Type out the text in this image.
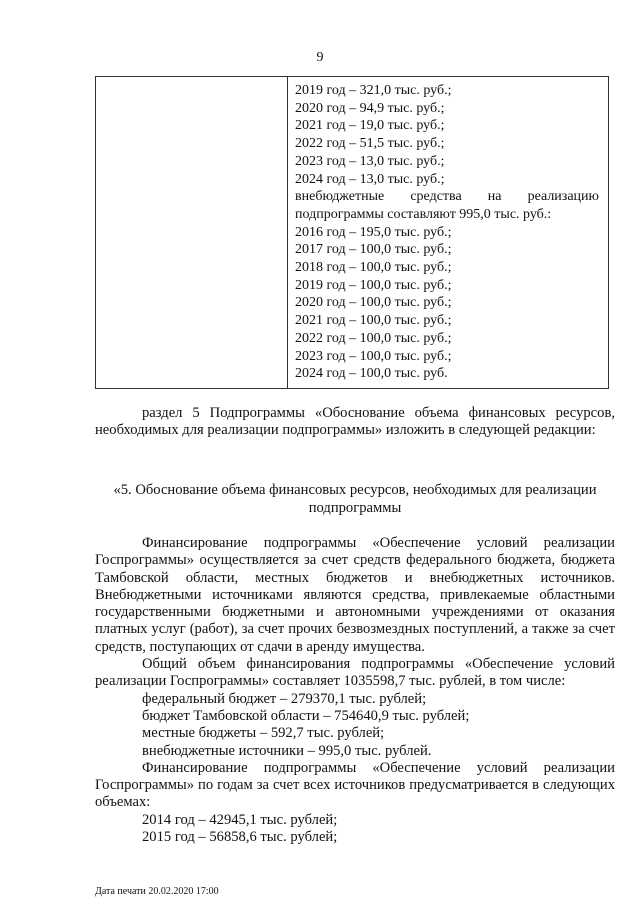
9
2019 год – 321,0 тыс. руб.;
2020 год – 94,9 тыс. руб.;
2021 год – 19,0 тыс. руб.;
2022 год – 51,5 тыс. руб.;
2023 год – 13,0 тыс. руб.;
2024 год – 13,0 тыс. руб.;
внебюджетные средства на реализацию
подпрограммы составляют 995,0 тыс. руб.:
2016 год – 195,0 тыс. руб.;
2017 год – 100,0 тыс. руб.;
2018 год – 100,0 тыс. руб.;
2019 год – 100,0 тыс. руб.;
2020 год – 100,0 тыс. руб.;
2021 год – 100,0 тыс. руб.;
2022 год – 100,0 тыс. руб.;
2023 год – 100,0 тыс. руб.;
2024 год – 100,0 тыс. руб.

раздел 5 Подпрограммы «Обоснование объема финансовых ресурсов, необходимых для реализации подпрограммы» изложить в следующей редакции:

«5. Обоснование объема финансовых ресурсов, необходимых для реализации подпрограммы

Финансирование подпрограммы «Обеспечение условий реализации Госпрограммы» осуществляется за счет средств федерального бюджета, бюджета Тамбовской области, местных бюджетов и внебюджетных источников. Внебюджетными источниками являются средства, привлекаемые областными государственными бюджетными и автономными учреждениями от оказания платных услуг (работ), за счет прочих безвозмездных поступлений, а также за счет средств, поступающих от сдачи в аренду имущества.

Общий объем финансирования подпрограммы «Обеспечение условий реализации Госпрограммы» составляет 1035598,7 тыс. рублей, в том числе:

федеральный бюджет – 279370,1 тыс. рублей;

бюджет Тамбовской области – 754640,9 тыс. рублей;

местные бюджеты – 592,7 тыс. рублей;

внебюджетные источники – 995,0 тыс. рублей.

Финансирование подпрограммы «Обеспечение условий реализации Госпрограммы» по годам за счет всех источников предусматривается в следующих объемах:

2014 год – 42945,1 тыс. рублей;

2015 год – 56858,6 тыс. рублей;

Дата печати 20.02.2020 17:00
